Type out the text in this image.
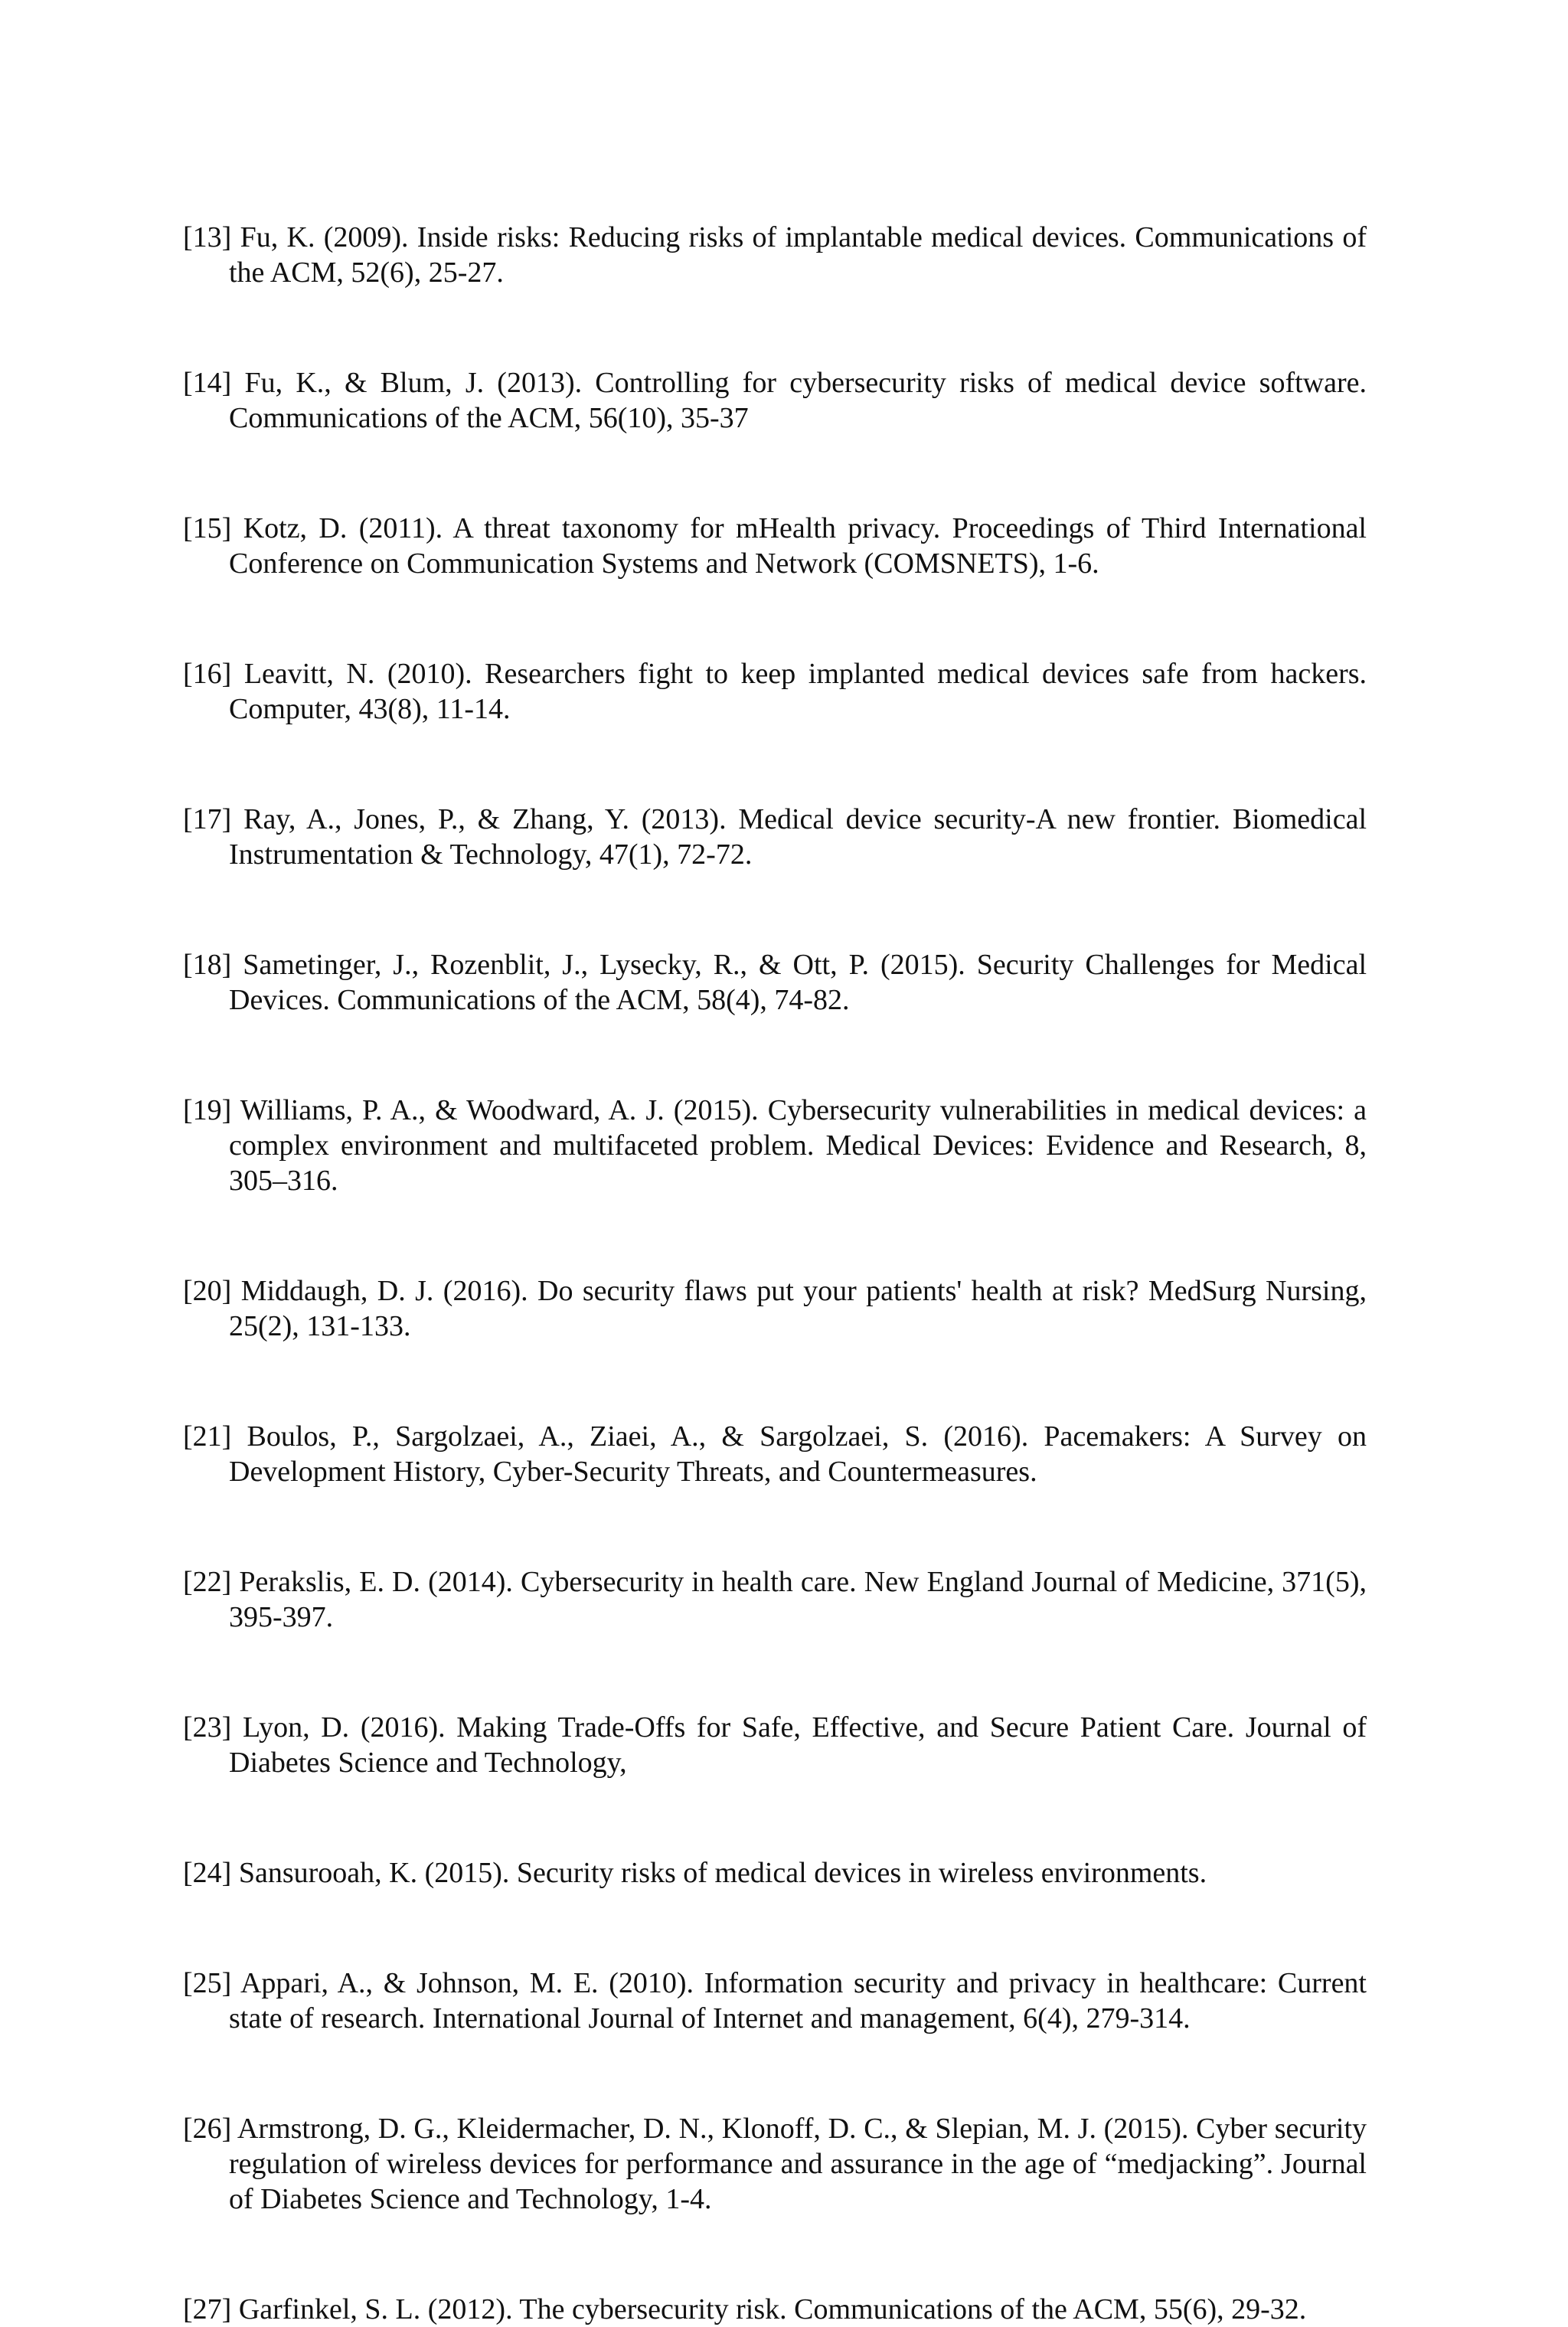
[13] Fu, K. (2009). Inside risks: Reducing risks of implantable medical devices. Communications of the ACM, 52(6), 25-27.
[14] Fu, K., & Blum, J. (2013). Controlling for cybersecurity risks of medical device software. Communications of the ACM, 56(10), 35-37
[15] Kotz, D. (2011). A threat taxonomy for mHealth privacy. Proceedings of Third International Conference on Communication Systems and Network (COMSNETS), 1-6.
[16] Leavitt, N. (2010). Researchers fight to keep implanted medical devices safe from hackers. Computer, 43(8), 11-14.
[17] Ray, A., Jones, P., & Zhang, Y. (2013). Medical device security-A new frontier. Biomedical Instrumentation & Technology, 47(1), 72-72.
[18] Sametinger, J., Rozenblit, J., Lysecky, R., & Ott, P. (2015). Security Challenges for Medical Devices. Communications of the ACM, 58(4), 74-82.
[19] Williams, P. A., & Woodward, A. J. (2015). Cybersecurity vulnerabilities in medical devices: a complex environment and multifaceted problem. Medical Devices: Evidence and Research, 8, 305–316.
[20] Middaugh, D. J. (2016). Do security flaws put your patients' health at risk? MedSurg Nursing, 25(2), 131-133.
[21] Boulos, P., Sargolzaei, A., Ziaei, A., & Sargolzaei, S. (2016). Pacemakers: A Survey on Development History, Cyber-Security Threats, and Countermeasures.
[22] Perakslis, E. D. (2014). Cybersecurity in health care. New England Journal of Medicine, 371(5), 395-397.
[23] Lyon, D. (2016). Making Trade-Offs for Safe, Effective, and Secure Patient Care. Journal of Diabetes Science and Technology,
[24] Sansurooah, K. (2015). Security risks of medical devices in wireless environments.
[25] Appari, A., & Johnson, M. E. (2010). Information security and privacy in healthcare: Current state of research. International Journal of Internet and management, 6(4), 279-314.
[26] Armstrong, D. G., Kleidermacher, D. N., Klonoff, D. C., & Slepian, M. J. (2015). Cyber security regulation of wireless devices for performance and assurance in the age of “medjacking”. Journal of Diabetes Science and Technology, 1-4.
[27] Garfinkel, S. L. (2012). The cybersecurity risk. Communications of the ACM, 55(6), 29-32.
